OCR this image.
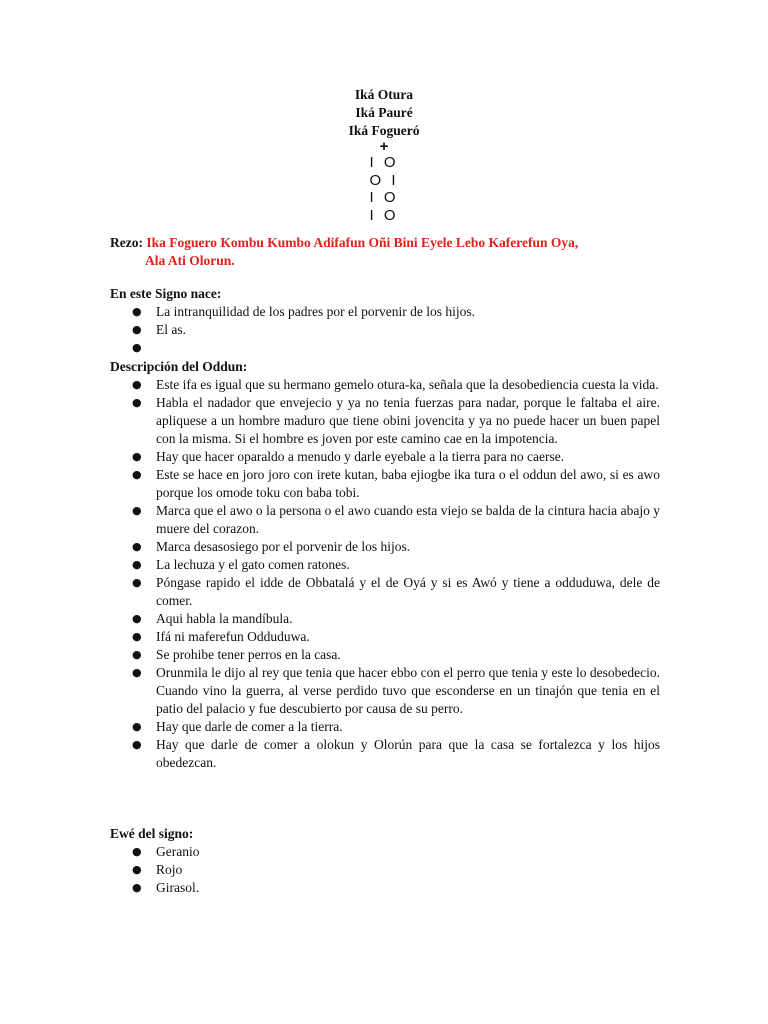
Iká Otura
Iká Pauré
Iká Fogueró
+
I O
O I
I O
I O
Rezo: Ika Foguero Kombu Kumbo Adifafun Oñi Bini Eyele Lebo Kaferefun Oya,
Ala Ati Olorun.
En este Signo nace:
● La intranquilidad de los padres por el porvenir de los hijos.
● El as.
●

Descripción del Oddun:
● Este ifa es igual que su hermano gemelo otura-ka, señala que la desobediencia cuesta la vida.
● Habla el nadador que envejecio y ya no tenia fuerzas para nadar, porque le faltaba el aire. apliquese a un hombre maduro que tiene obini jovencita y ya no puede hacer un buen papel con la misma. Si el hombre es joven por este camino cae en la impotencia.
● Hay que hacer oparaldo a menudo y darle eyebale a la tierra para no caerse.
● Este se hace en joro joro con irete kutan, baba ejiogbe ika tura o el oddun del awo, si es awo porque los omode toku con baba tobi.
● Marca que el awo o la persona o el awo cuando esta viejo se balda de la cintura hacia abajo y muere del corazon.
● Marca desasosiego por el porvenir de los hijos.
● La lechuza y el gato comen ratones.
● Póngase rapido el idde de Obbatalá y el de Oyá y si es Awó y tiene a odduduwa, dele de comer.
● Aqui habla la mandíbula.
● Ifá ni maferefun Odduduwa.
● Se prohibe tener perros en la casa.
● Orunmila le dijo al rey que tenia que hacer ebbo con el perro que tenia y este lo desobedecio. Cuando vino la guerra, al verse perdido tuvo que esconderse en un tinajón que tenia en el patio del palacio y fue descubierto por causa de su perro.
● Hay que darle de comer a la tierra.
● Hay que darle de comer a olokun y Olorún para que la casa se fortalezca y los hijos obedezcan.
Ewé del signo:
● Geranio
● Rojo
● Girasol.
